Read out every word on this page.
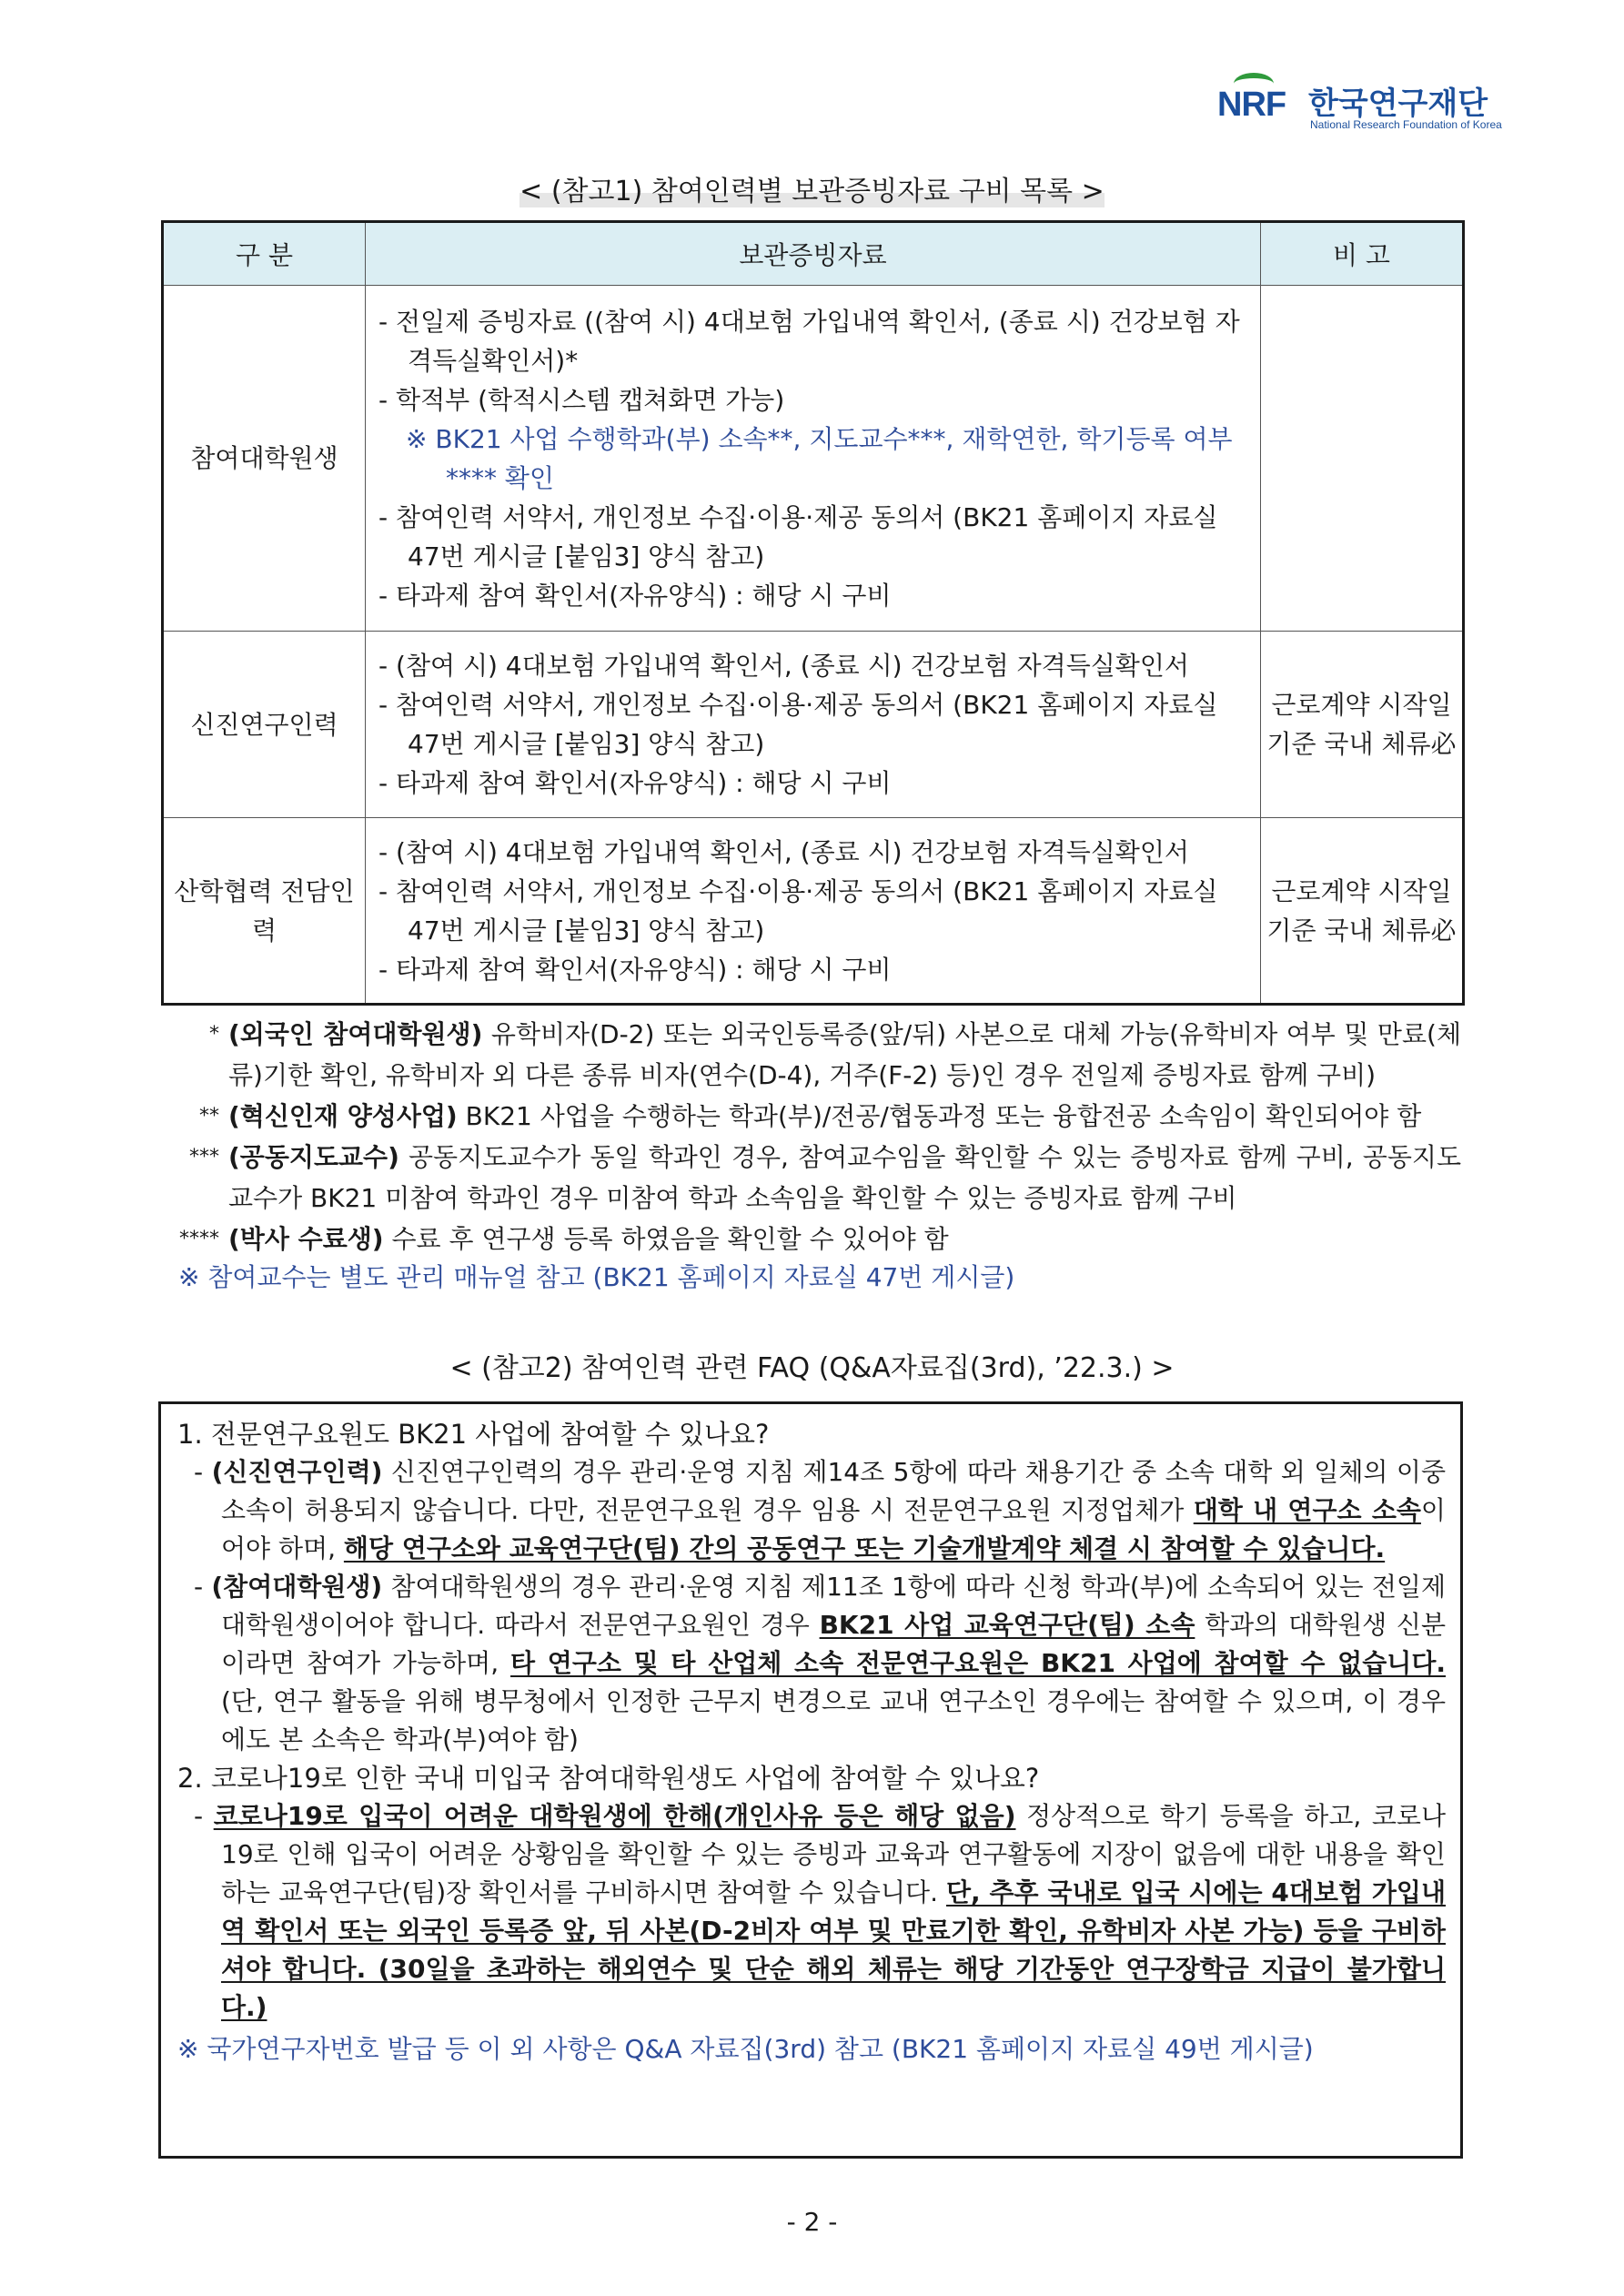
NRF 한국연구재단
National Research Foundation of Korea
< (참고1) 참여인력별 보관증빙자료 구비 목록 >
구 분	보관증빙자료	비 고
참여대학원생	- 전일제 증빙자료 ((참여 시) 4대보험 가입내역 확인서, (종료 시) 건강보험 자격득실확인서)*
- 학적부 (학적시스템 캡쳐화면 가능)
※ BK21 사업 수행학과(부) 소속**, 지도교수***, 재학연한, 학기등록 여부**** 확인
- 참여인력 서약서, 개인정보 수집·이용·제공 동의서 (BK21 홈페이지 자료실 47번 게시글 [붙임3] 양식 참고)
- 타과제 참여 확인서(자유양식) : 해당 시 구비	

신진연구인력	- (참여 시) 4대보험 가입내역 확인서, (종료 시) 건강보험 자격득실확인서
- 참여인력 서약서, 개인정보 수집·이용·제공 동의서 (BK21 홈페이지 자료실 47번 게시글 [붙임3] 양식 참고)
- 타과제 참여 확인서(자유양식) : 해당 시 구비	근로계약 시작일 기준 국내 체류必
산학협력 전담인력	- (참여 시) 4대보험 가입내역 확인서, (종료 시) 건강보험 자격득실확인서
- 참여인력 서약서, 개인정보 수집·이용·제공 동의서 (BK21 홈페이지 자료실 47번 게시글 [붙임3] 양식 참고)
- 타과제 참여 확인서(자유양식) : 해당 시 구비	근로계약 시작일 기준 국내 체류必
* (외국인 참여대학원생) 유학비자(D-2) 또는 외국인등록증(앞/뒤) 사본으로 대체 가능(유학비자 여부 및 만료(체류)기한 확인, 유학비자 외 다른 종류 비자(연수(D-4), 거주(F-2) 등)인 경우 전일제 증빙자료 함께 구비)
** (혁신인재 양성사업) BK21 사업을 수행하는 학과(부)/전공/협동과정 또는 융합전공 소속임이 확인되어야 함
*** (공동지도교수) 공동지도교수가 동일 학과인 경우, 참여교수임을 확인할 수 있는 증빙자료 함께 구비, 공동지도교수가 BK21 미참여 학과인 경우 미참여 학과 소속임을 확인할 수 있는 증빙자료 함께 구비
**** (박사 수료생) 수료 후 연구생 등록 하였음을 확인할 수 있어야 함
※ 참여교수는 별도 관리 매뉴얼 참고 (BK21 홈페이지 자료실 47번 게시글)
< (참고2) 참여인력 관련 FAQ (Q&A자료집(3rd), ’22.3.) >
1. 전문연구요원도 BK21 사업에 참여할 수 있나요?
- (신진연구인력) 신진연구인력의 경우 관리·운영 지침 제14조 5항에 따라 채용기간 중 소속 대학 외 일체의 이중 소속이 허용되지 않습니다. 다만, 전문연구요원 경우 임용 시 전문연구요원 지정업체가 대학 내 연구소 소속이어야 하며, 해당 연구소와 교육연구단(팀) 간의 공동연구 또는 기술개발계약 체결 시 참여할 수 있습니다.
- (참여대학원생) 참여대학원생의 경우 관리·운영 지침 제11조 1항에 따라 신청 학과(부)에 소속되어 있는 전일제 대학원생이어야 합니다. 따라서 전문연구요원인 경우 BK21 사업 교육연구단(팀) 소속 학과의 대학원생 신분이라면 참여가 가능하며, 타 연구소 및 타 산업체 소속 전문연구요원은 BK21 사업에 참여할 수 없습니다. (단, 연구 활동을 위해 병무청에서 인정한 근무지 변경으로 교내 연구소인 경우에는 참여할 수 있으며, 이 경우에도 본 소속은 학과(부)여야 함)
2. 코로나19로 인한 국내 미입국 참여대학원생도 사업에 참여할 수 있나요?
- 코로나19로 입국이 어려운 대학원생에 한해(개인사유 등은 해당 없음) 정상적으로 학기 등록을 하고, 코로나19로 인해 입국이 어려운 상황임을 확인할 수 있는 증빙과 교육과 연구활동에 지장이 없음에 대한 내용을 확인하는 교육연구단(팀)장 확인서를 구비하시면 참여할 수 있습니다. 단, 추후 국내로 입국 시에는 4대보험 가입내역 확인서 또는 외국인 등록증 앞, 뒤 사본(D-2비자 여부 및 만료기한 확인, 유학비자 사본 가능) 등을 구비하셔야 합니다. (30일을 초과하는 해외연수 및 단순 해외 체류는 해당 기간동안 연구장학금 지급이 불가합니다.)
※ 국가연구자번호 발급 등 이 외 사항은 Q&A 자료집(3rd) 참고 (BK21 홈페이지 자료실 49번 게시글)
- 2 -
